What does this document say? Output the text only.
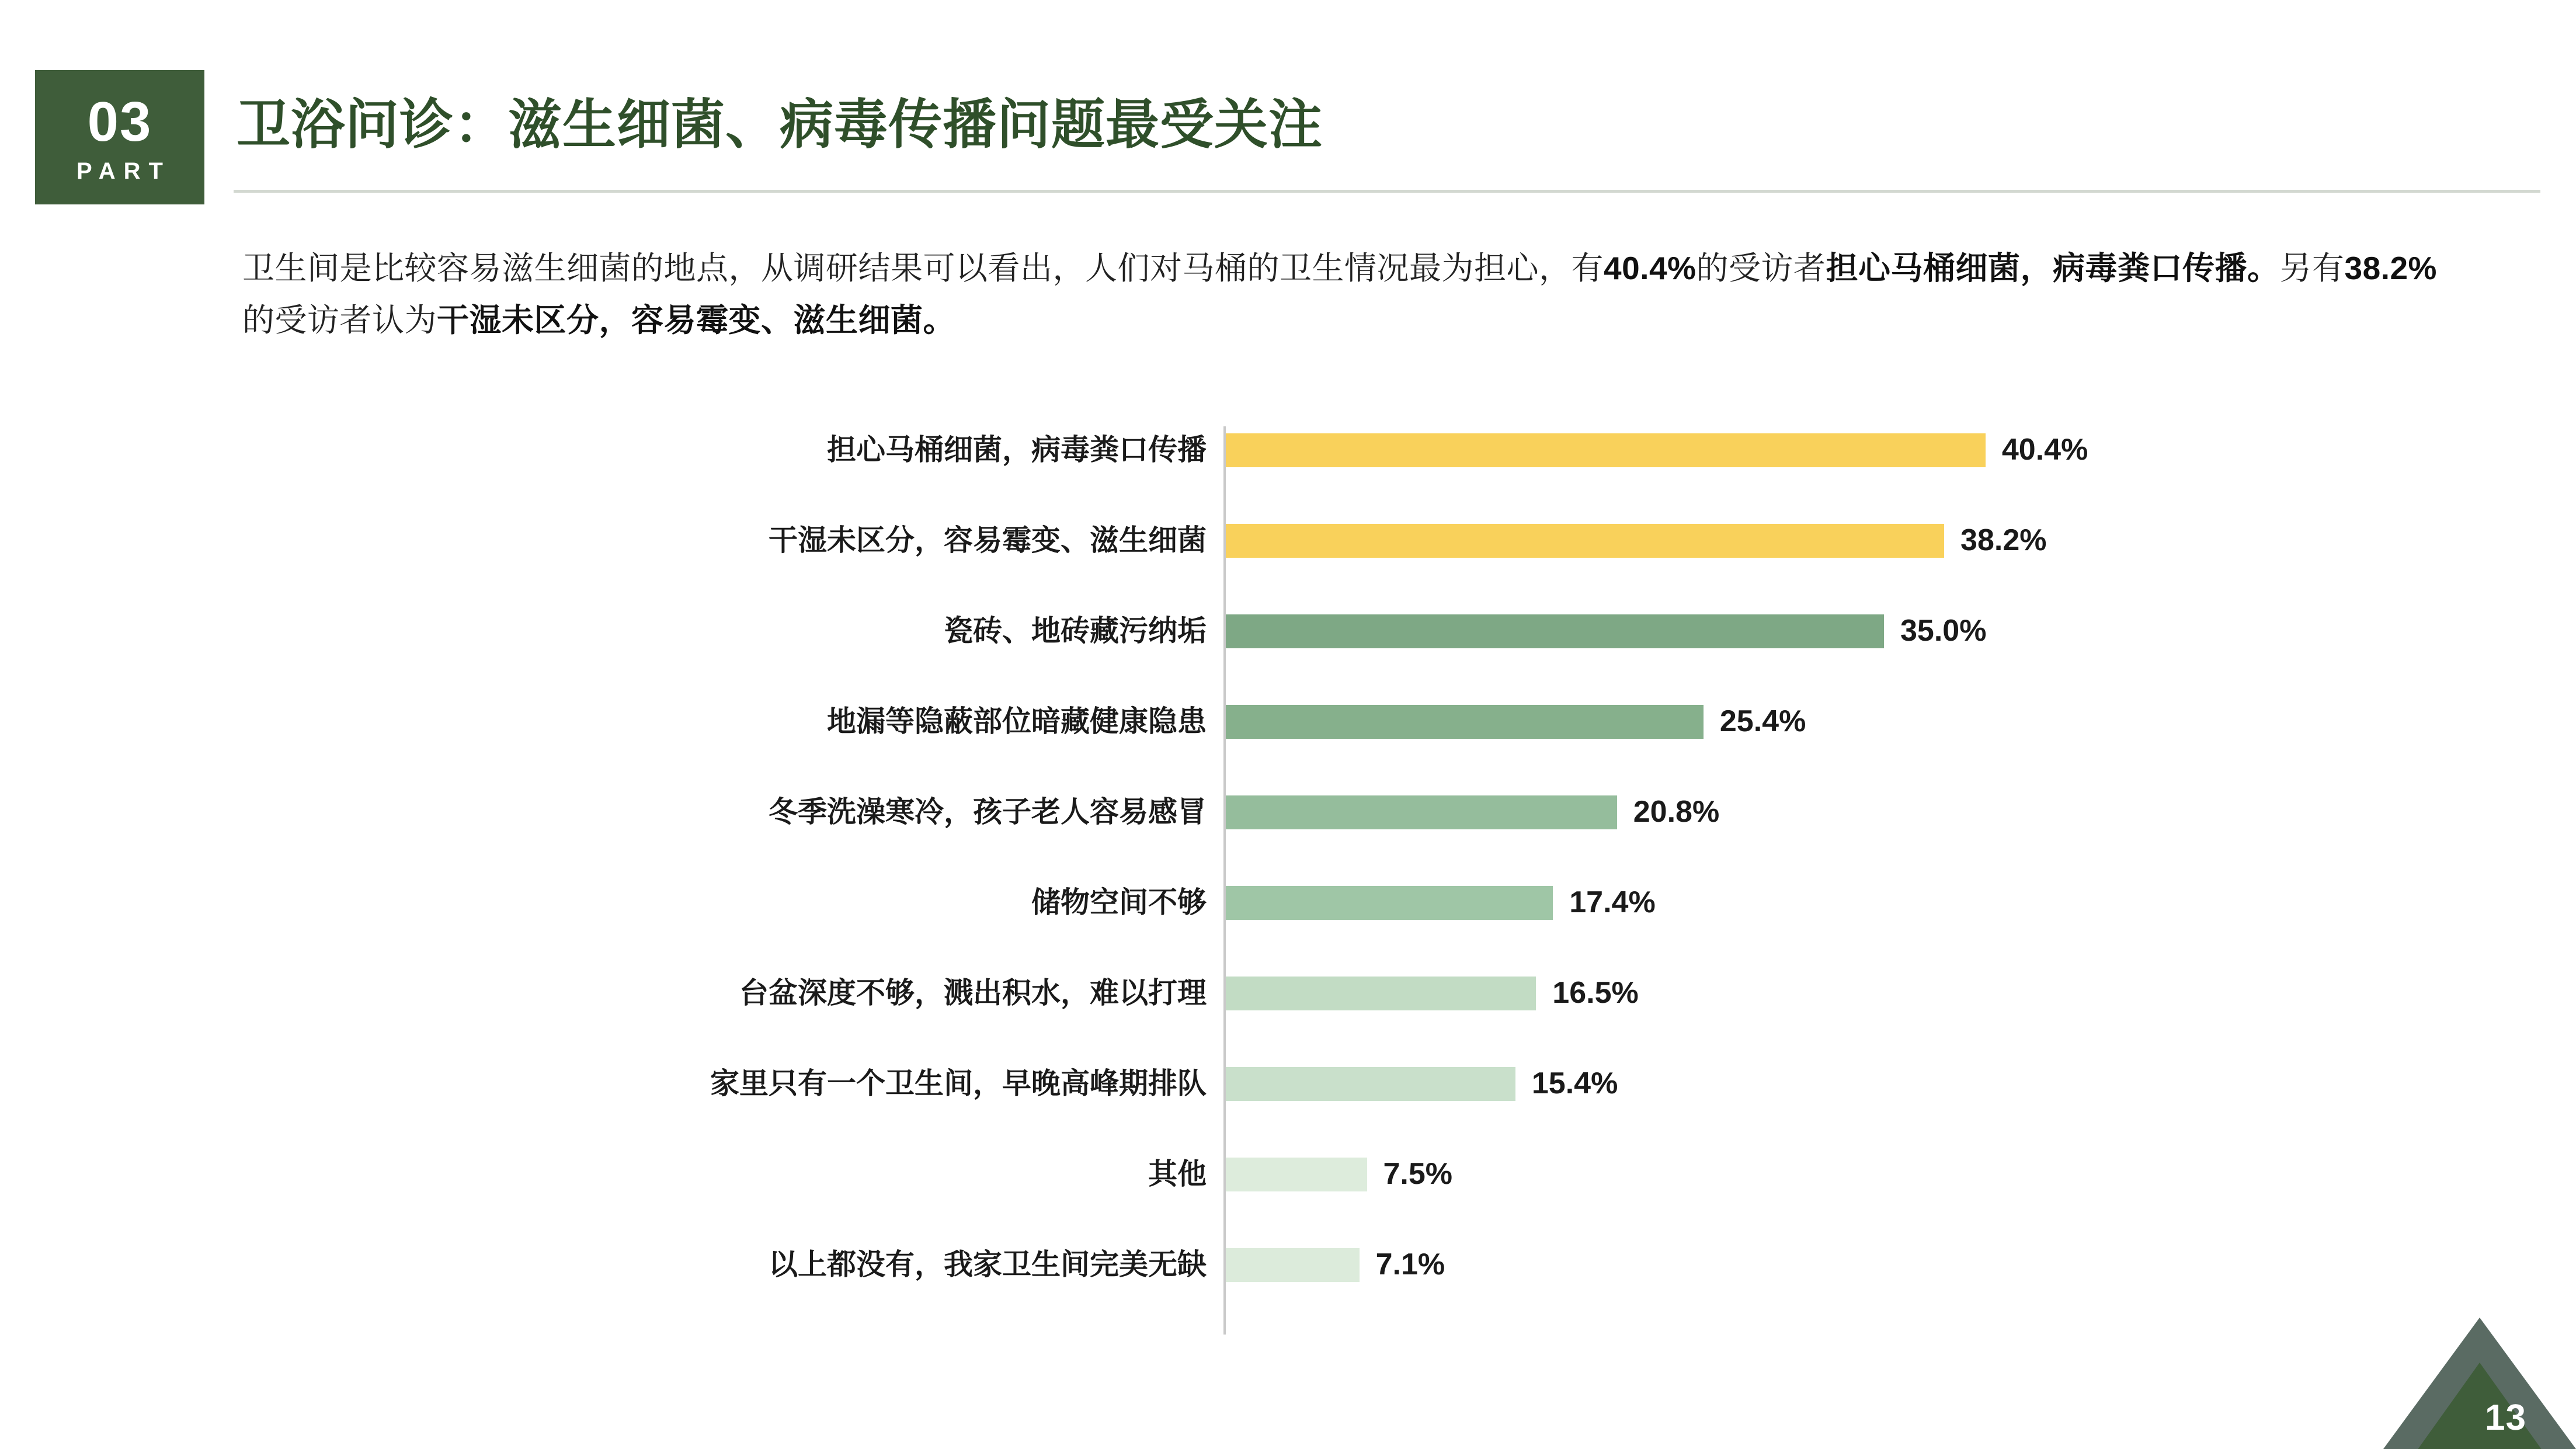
03
PART
卫浴问诊：滋生细菌、病毒传播问题最受关注
卫生间是比较容易滋生细菌的地点，从调研结果可以看出，人们对马桶的卫生情况最为担心，有40.4%的受访者担心马桶细菌，病毒粪口传播。另有38.2%的受访者认为干湿未区分，容易霉变、滋生细菌。
担心马桶细菌，病毒粪口传播	40.4%
干湿未区分，容易霉变、滋生细菌	38.2%
瓷砖、地砖藏污纳垢	35.0%
地漏等隐蔽部位暗藏健康隐患	25.4%
冬季洗澡寒冷，孩子老人容易感冒	20.8%
储物空间不够	17.4%
台盆深度不够，溅出积水，难以打理	16.5%
家里只有一个卫生间，早晚高峰期排队	15.4%
其他	7.5%
以上都没有，我家卫生间完美无缺	7.1%
13
